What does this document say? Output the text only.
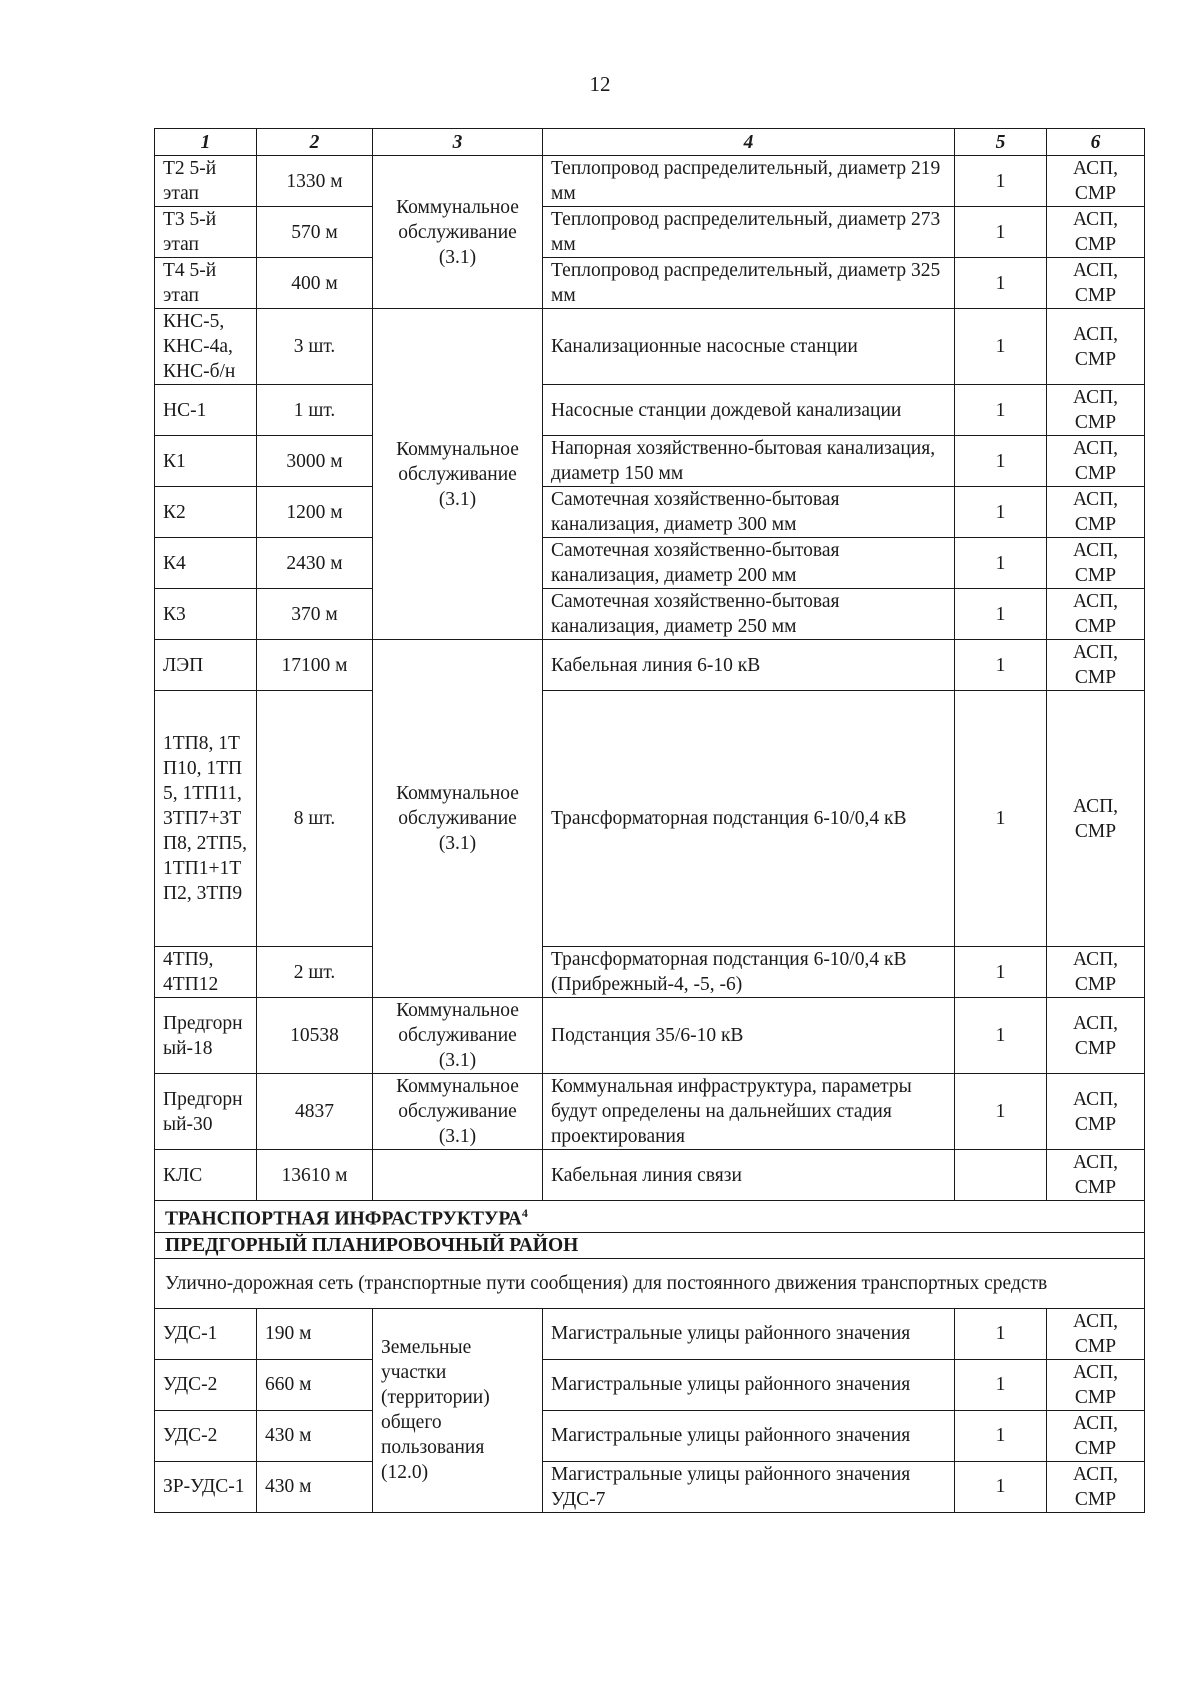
12
1	2	3	4	5	6
Т2 5-й этап	1330 м	Коммунальное обслуживание (3.1)	Теплопровод распределительный, диаметр 219 мм	1	АСП, СМР
Т3 5-й этап	570 м		Теплопровод распределительный, диаметр 273 мм	1	АСП, СМР
Т4 5-й этап	400 м		Теплопровод распределительный, диаметр 325 мм	1	АСП, СМР
КНС-5, КНС-4а, КНС-б/н	3 шт.	Коммунальное обслуживание (3.1)	Канализационные насосные станции	1	АСП, СМР
НС-1	1 шт.		Насосные станции дождевой канализации	1	АСП, СМР
К1	3000 м		Напорная хозяйственно-бытовая канализация, диаметр 150 мм	1	АСП, СМР
К2	1200 м		Самотечная хозяйственно-бытовая канализация, диаметр 300 мм	1	АСП, СМР
К4	2430 м		Самотечная хозяйственно-бытовая канализация, диаметр 200 мм	1	АСП, СМР
К3	370 м		Самотечная хозяйственно-бытовая канализация, диаметр 250 мм	1	АСП, СМР
ЛЭП	17100 м	Коммунальное обслуживание (3.1)	Кабельная линия 6-10 кВ	1	АСП, СМР
1ТП8, 1ТП10, 1ТП5, 1ТП11, 3ТП7+3ТП8, 2ТП5, 1ТП1+1ТП2, 3ТП9	8 шт.		Трансформаторная подстанция 6-10/0,4 кВ	1	АСП, СМР
4ТП9, 4ТП12	2 шт.		Трансформаторная подстанция 6-10/0,4 кВ (Прибрежный-4, -5, -6)	1	АСП, СМР
Предгорный-18	10538	Коммунальное обслуживание (3.1)	Подстанция 35/6-10 кВ	1	АСП, СМР
Предгорный-30	4837	Коммунальное обслуживание (3.1)	Коммунальная инфраструктура, параметры будут определены на дальнейших стадия проектирования	1	АСП, СМР
КЛС	13610 м		Кабельная линия связи		АСП, СМР
ТРАНСПОРТНАЯ ИНФРАСТРУКТУРА$^4$
ПРЕДГОРНЫЙ ПЛАНИРОВОЧНЫЙ РАЙОН					
Улично-дорожная сеть (транспортные пути сообщения) для постоянного движения транспортных средств					
УДС-1	190 м	Земельные участки (территории) общего пользования (12.0)	Магистральные улицы районного значения	1	АСП, СМР
УДС-2	660 м		Магистральные улицы районного значения	1	АСП, СМР
УДС-2	430 м		Магистральные улицы районного значения	1	АСП, СМР
ЗР-УДС-1	430 м		Магистральные улицы районного значения УДС-7	1	АСП, СМР
